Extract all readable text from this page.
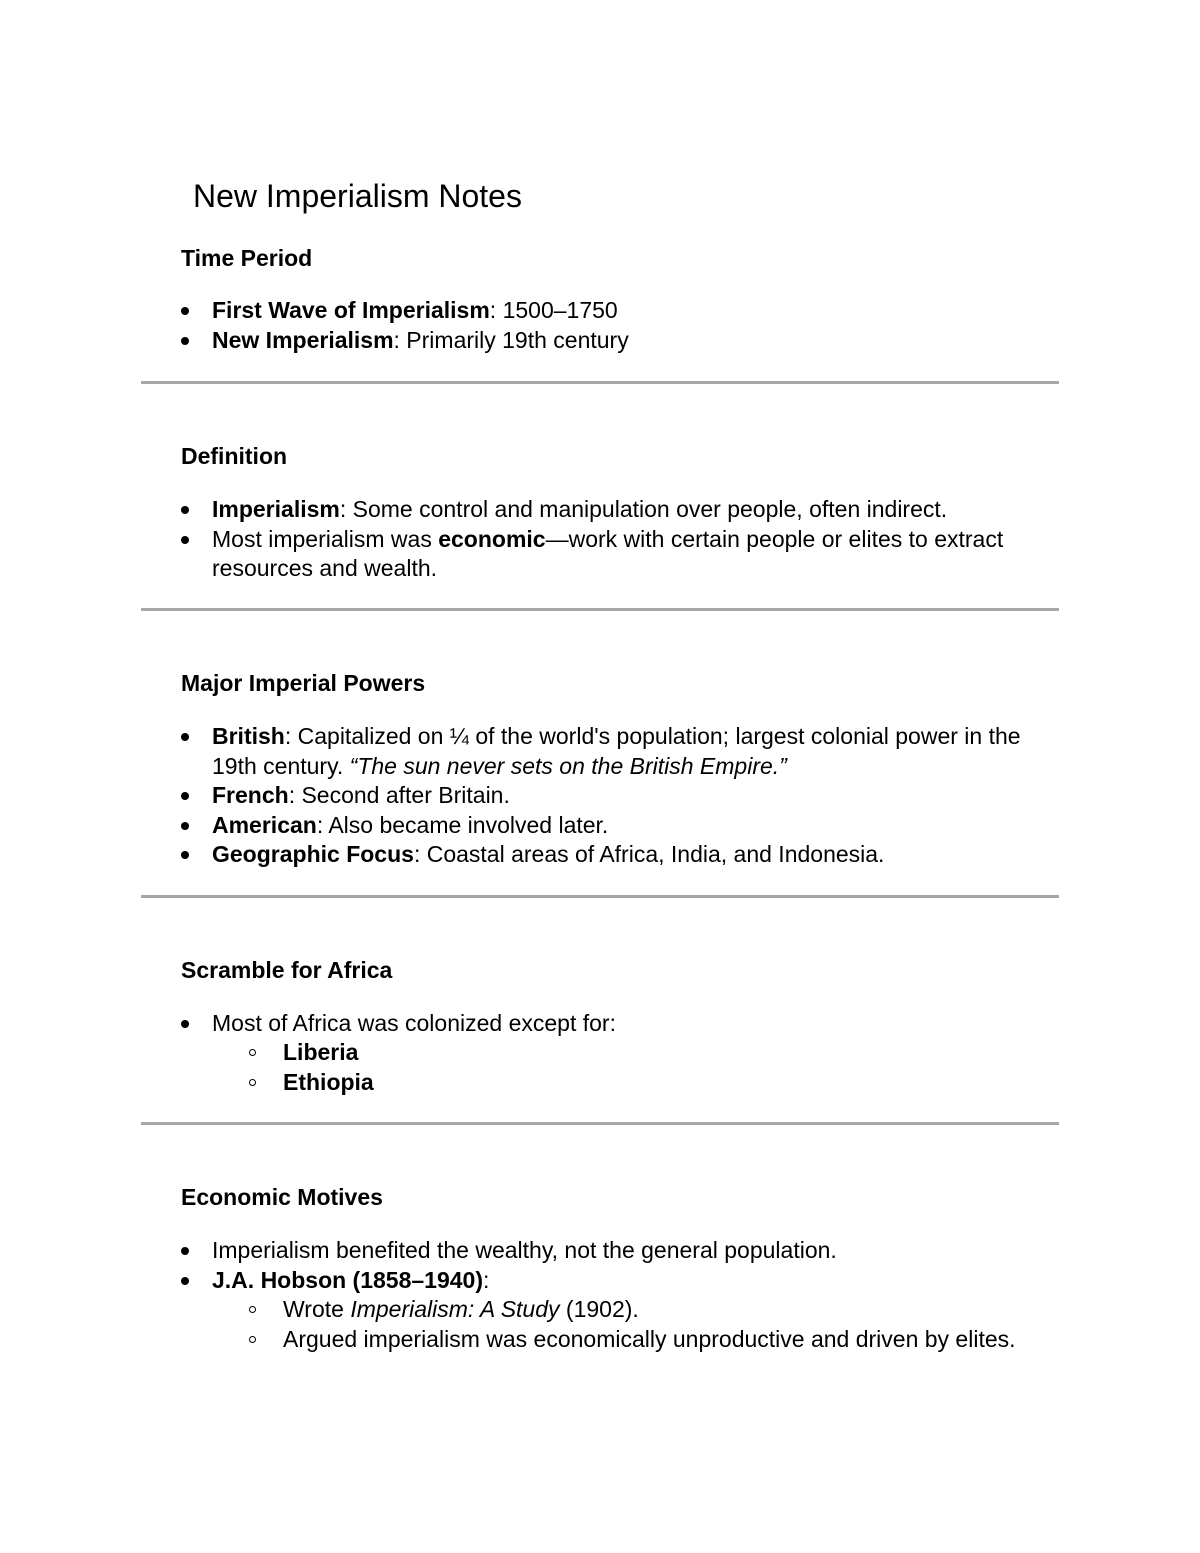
New Imperialism Notes
Time Period
First Wave of Imperialism: 1500–1750
New Imperialism: Primarily 19th century
Definition
Imperialism: Some control and manipulation over people, often indirect.
Most imperialism was economic—work with certain people or elites to extract resources and wealth.
Major Imperial Powers
British: Capitalized on ¼ of the world's population; largest colonial power in the 19th century. “The sun never sets on the British Empire.”
French: Second after Britain.
American: Also became involved later.
Geographic Focus: Coastal areas of Africa, India, and Indonesia.
Scramble for Africa
Most of Africa was colonized except for:
Liberia
Ethiopia
Economic Motives
Imperialism benefited the wealthy, not the general population.
J.A. Hobson (1858–1940):
Wrote Imperialism: A Study (1902).
Argued imperialism was economically unproductive and driven by elites.
